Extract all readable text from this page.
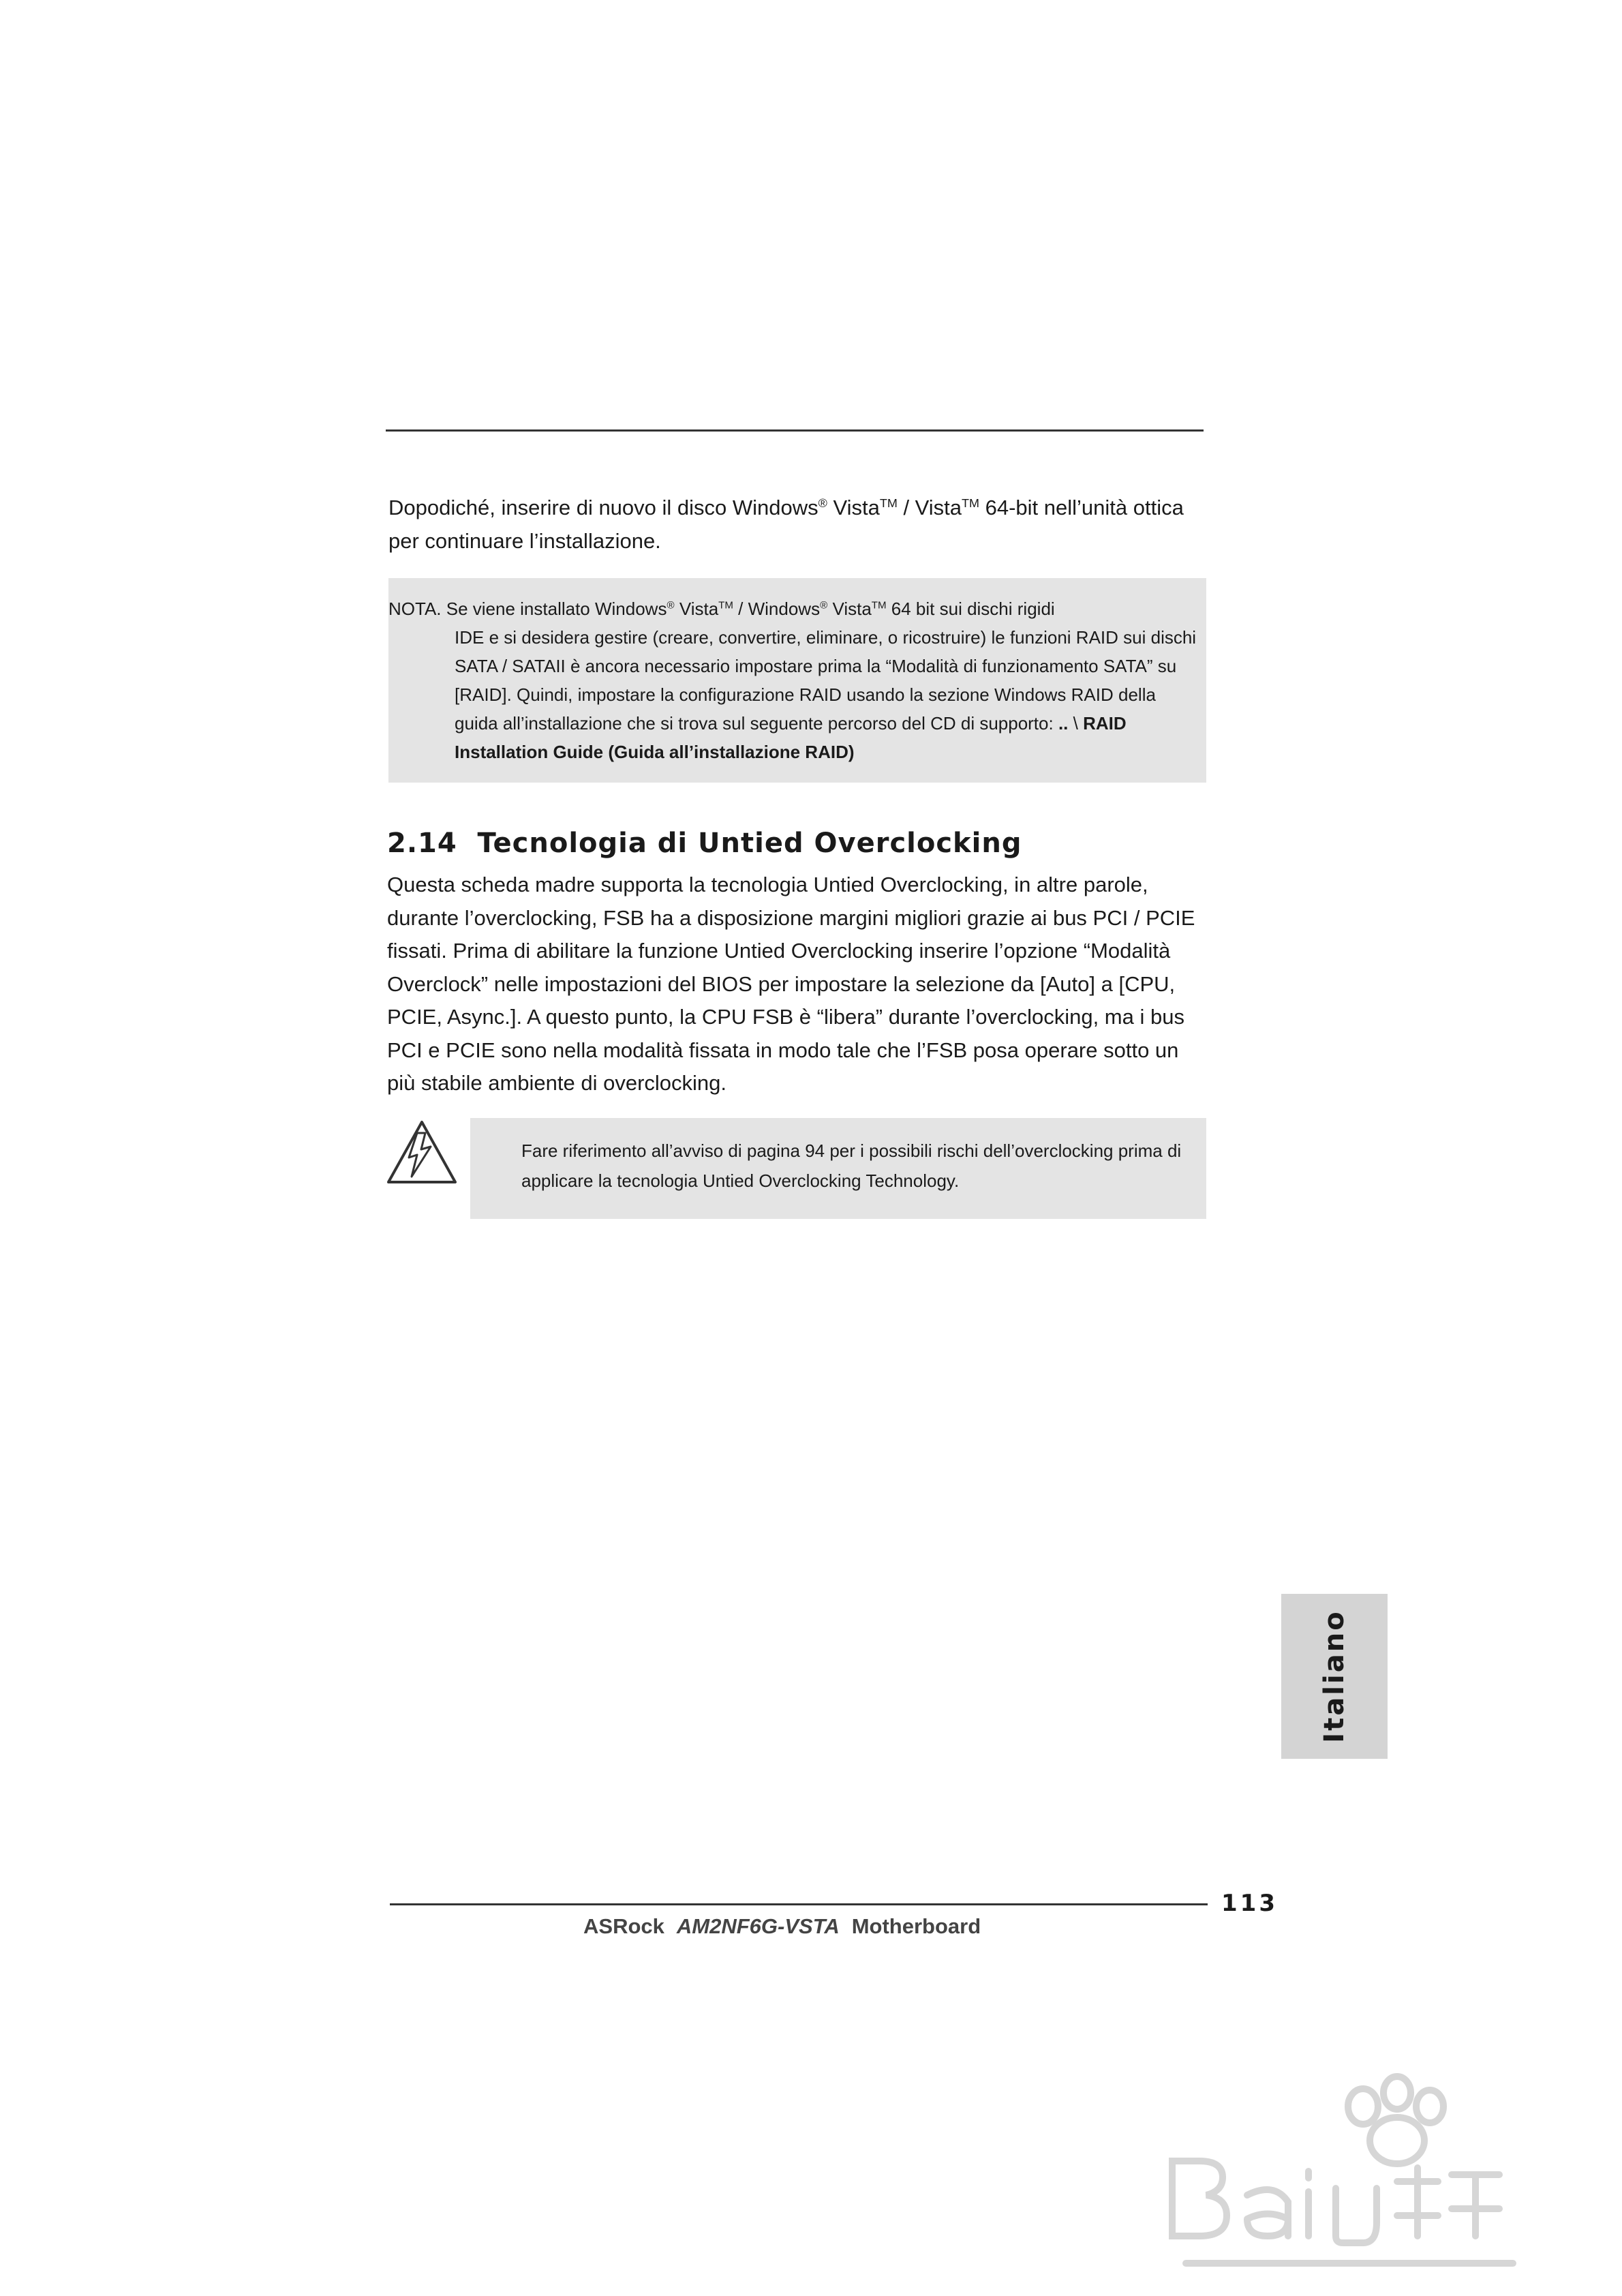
Dopodiché, inserire di nuovo il disco Windows® Vista™ / Vista™ 64-bit nell’unità ottica per continuare l’installazione.

NOTA. Se viene installato Windows® Vista™ / Windows® Vista™ 64 bit sui dischi rigidi
IDE e si desidera gestire (creare, convertire, eliminare, o ricostruire) le funzioni RAID sui dischi SATA / SATAII è ancora necessario impostare prima la “Modalità di funzionamento SATA” su [RAID]. Quindi, impostare la configurazione RAID usando la sezione Windows RAID della guida all’installazione che si trova sul seguente percorso del CD di supporto: .. \ RAID Installation Guide (Guida all’installazione RAID)
2.14  Tecnologia di Untied Overclocking

Questa scheda madre supporta la tecnologia Untied Overclocking, in altre parole, durante l’overclocking, FSB ha a disposizione margini migliori grazie ai bus PCI / PCIE fissati. Prima di abilitare la funzione Untied Overclocking inserire l’opzione “Modalità Overclock” nelle impostazioni del BIOS per impostare la selezione da [Auto] a [CPU, PCIE, Async.]. A questo punto, la CPU FSB è “libera” durante l’overclocking, ma i bus PCI e PCIE sono nella modalità fissata in modo tale che l’FSB posa operare sotto un più stabile ambiente di overclocking.

Fare riferimento all’avviso di pagina 94 per i possibili rischi dell’overclocking prima di applicare la tecnologia Untied Overclocking Technology.
Italiano
113
ASRock AM2NF6G-VSTA Motherboard
